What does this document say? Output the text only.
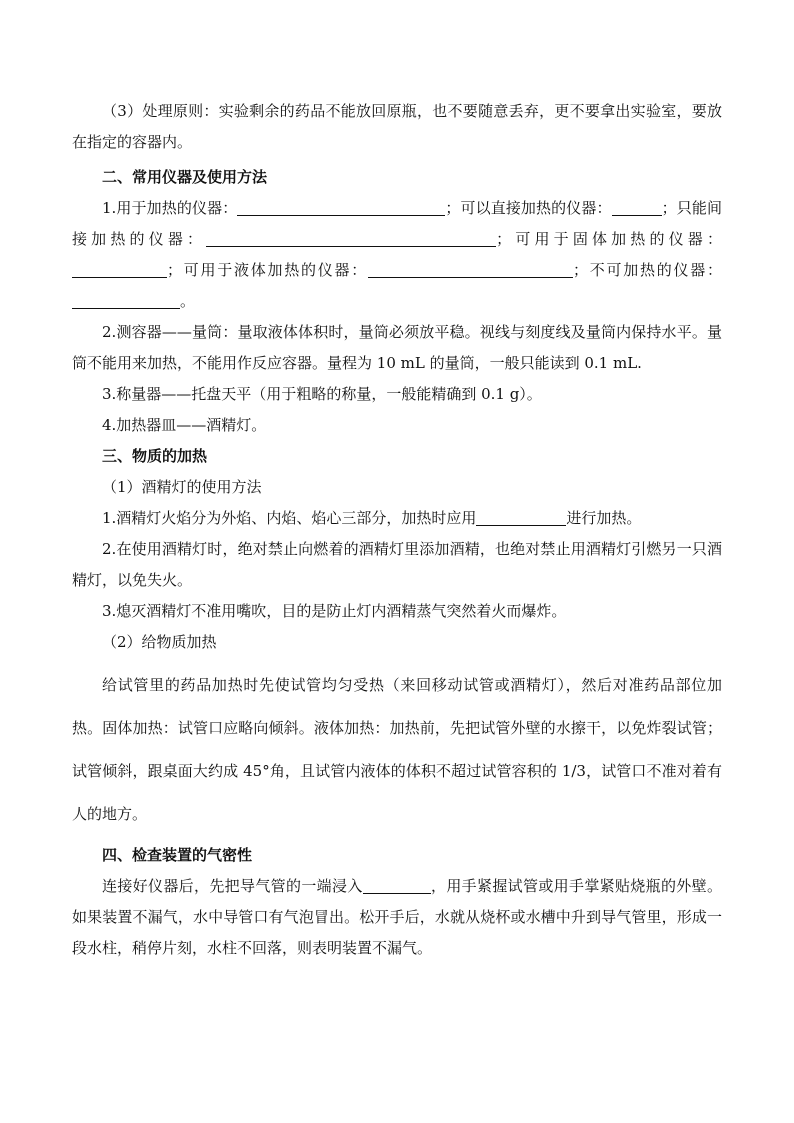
（3）处理原则：实验剩余的药品不能放回原瓶，也不要随意丢弃，更不要拿出实验室，要放在指定的容器内。

二、常用仪器及使用方法

1.用于加热的仪器：	；可以直接加热的仪器：	；只能间接加热的仪器：	；可用于固体加热的仪器：；可用于液体加热的仪器：	；不可加热的仪器：。

2.测容器——量筒：量取液体体积时，量筒必须放平稳。视线与刻度线及量筒内保持水平。量筒不能用来加热，不能用作反应容器。量程为 10 mL 的量筒，一般只能读到 0.1 mL.

3.称量器——托盘天平（用于粗略的称量，一般能精确到 0.1 g）。

4.加热器皿——酒精灯。

三、物质的加热

（1）酒精灯的使用方法

1.酒精灯火焰分为外焰、内焰、焰心三部分，加热时应用	进行加热。

2.在使用酒精灯时，绝对禁止向燃着的酒精灯里添加酒精，也绝对禁止用酒精灯引燃另一只酒精灯，以免失火。

3.熄灭酒精灯不准用嘴吹，目的是防止灯内酒精蒸气突然着火而爆炸。

（2）给物质加热

给试管里的药品加热时先使试管均匀受热（来回移动试管或酒精灯），然后对准药品部位加热。固体加热：试管口应略向倾斜。液体加热：加热前，先把试管外壁的水擦干，以免炸裂试管；试管倾斜，跟桌面大约成 45°角，且试管内液体的体积不超过试管容积的 1/3，试管口不准对着有人的地方。

四、检查装置的气密性

连接好仪器后，先把导气管的一端浸入	，用手紧握试管或用手掌紧贴烧瓶的外壁。如果装置不漏气，水中导管口有气泡冒出。松开手后，水就从烧杯或水槽中升到导气管里，形成一段水柱，稍停片刻，水柱不回落，则表明装置不漏气。
